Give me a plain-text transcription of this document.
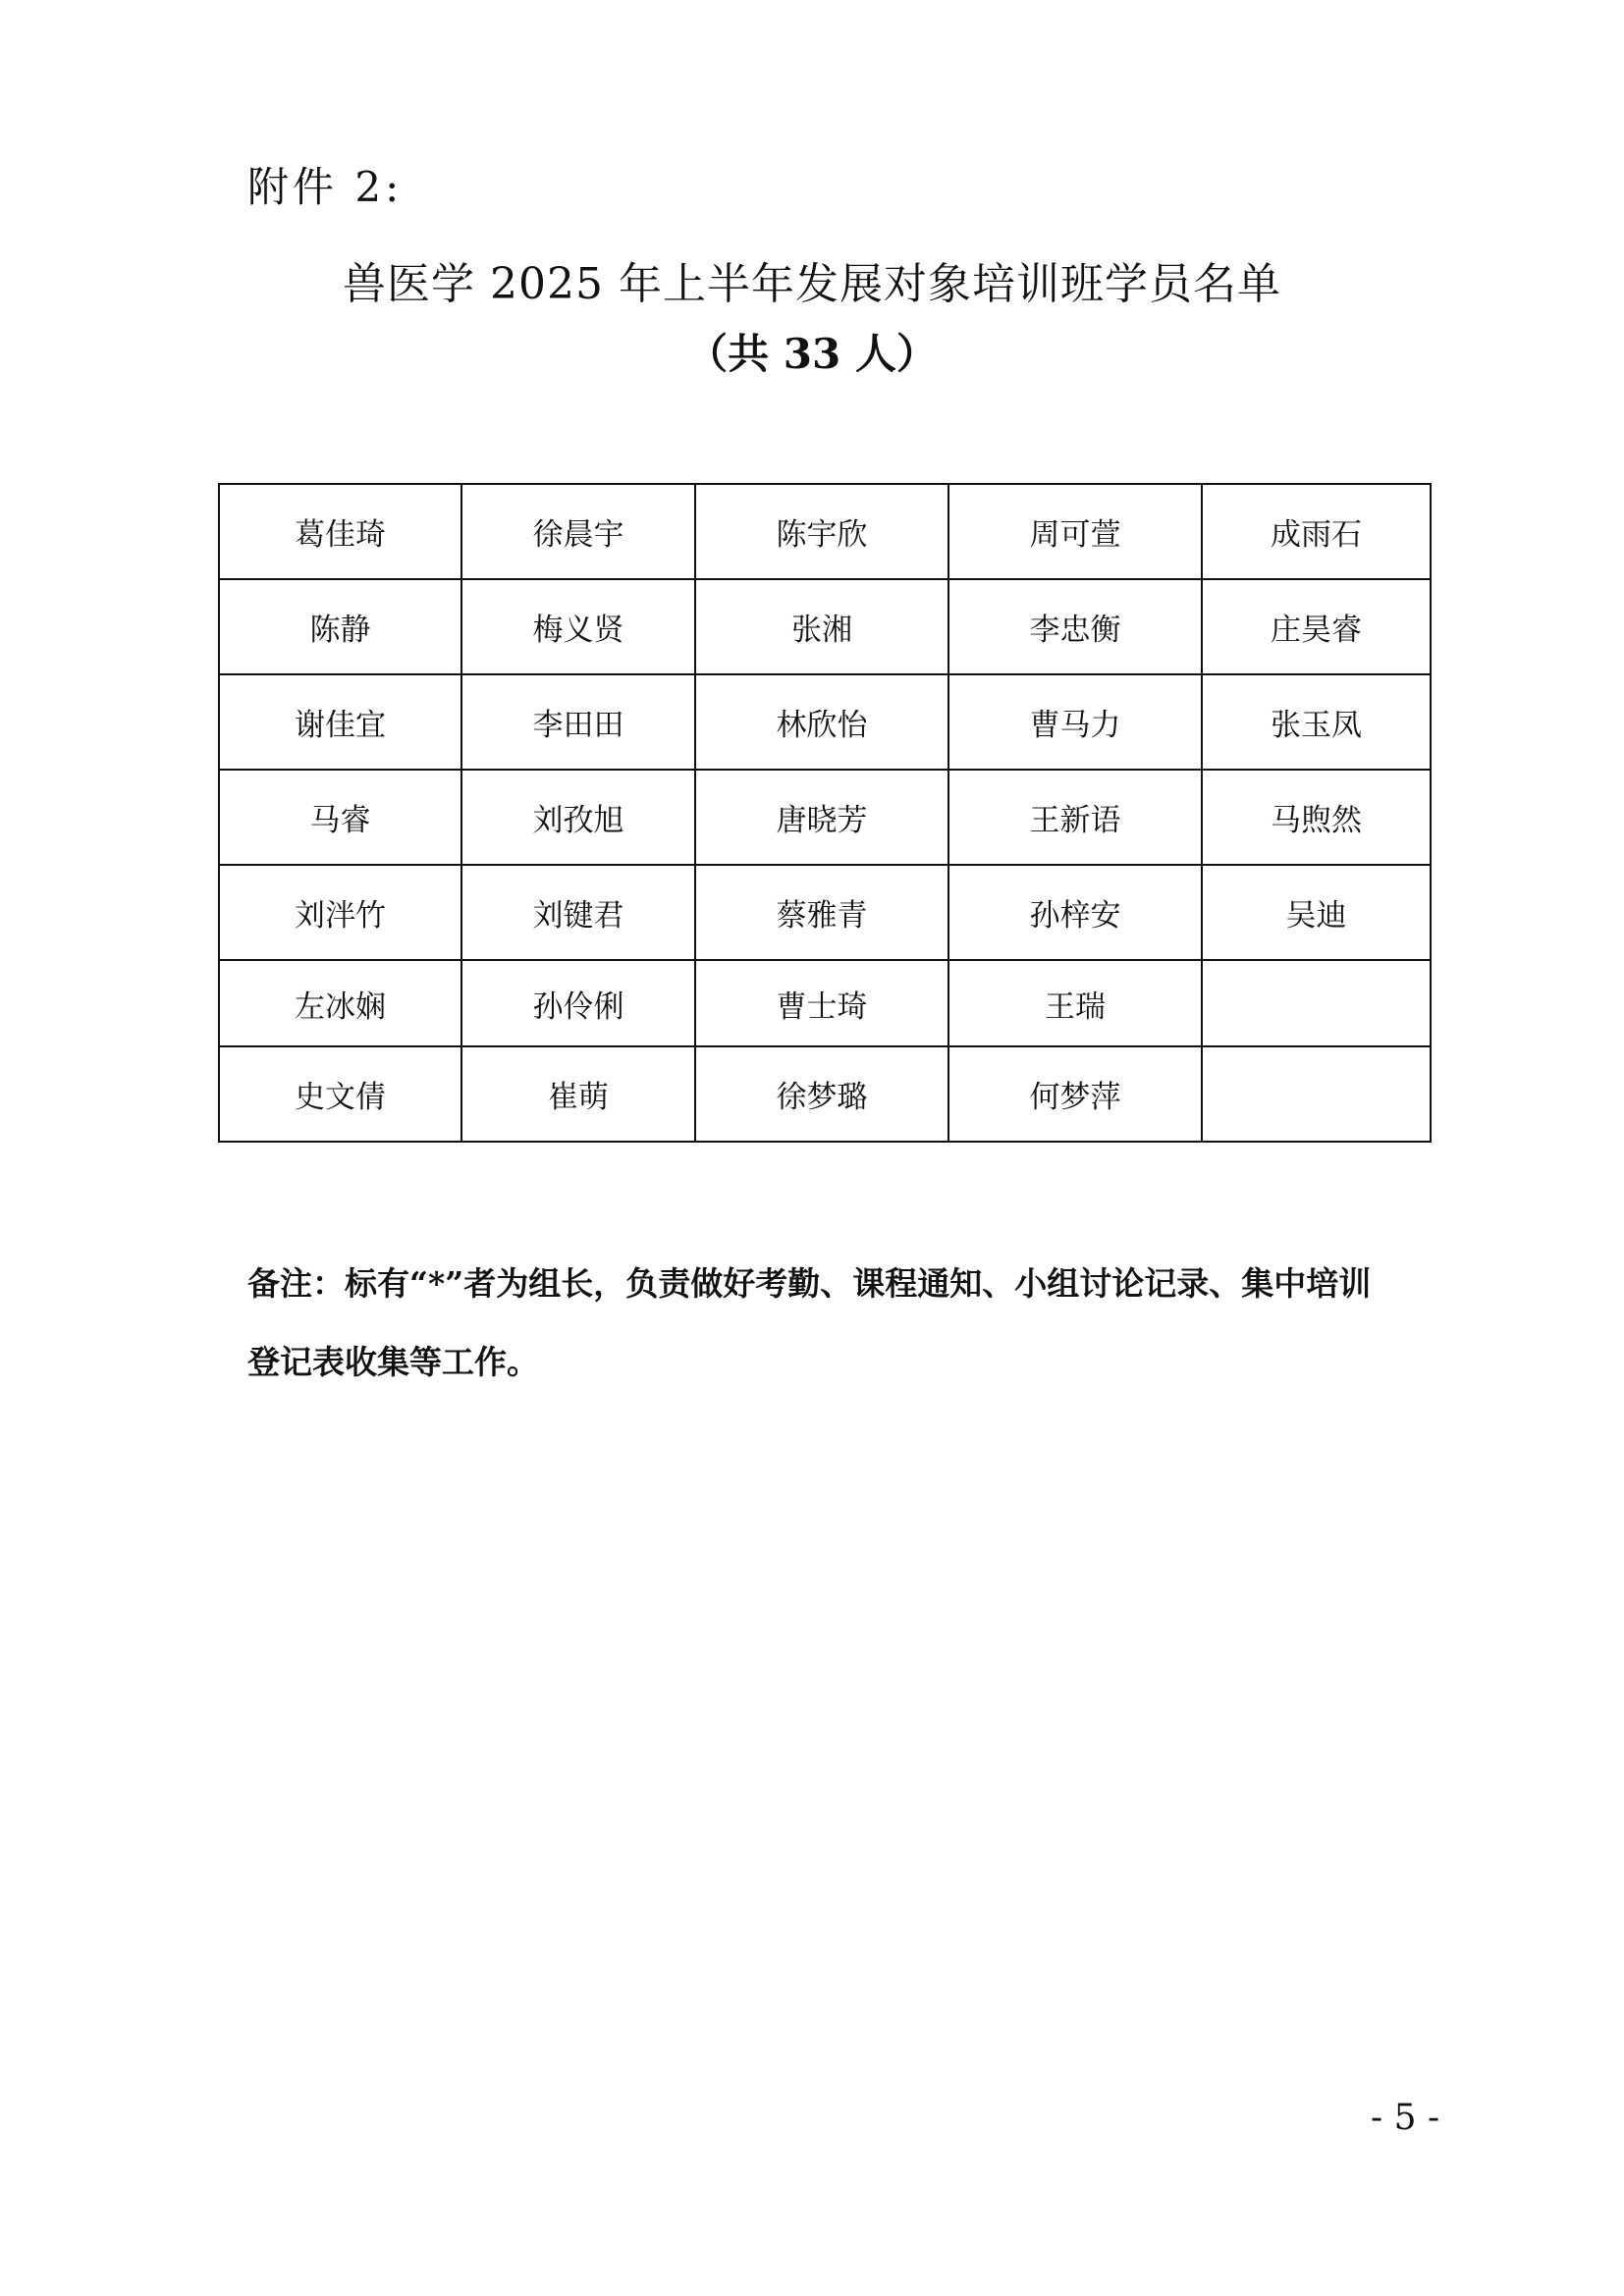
附件 2:
兽医学 2025 年上半年发展对象培训班学员名单
（共 33 人）
葛佳琦	徐晨宇	陈宇欣	周可萱	成雨石
陈静	梅义贤	张湘	李忠衡	庄昊睿
谢佳宜	李田田	林欣怡	曹马力	张玉凤
马睿	刘孜旭	唐晓芳	王新语	马煦然
刘泮竹	刘键君	蔡雅青	孙梓安	吴迪
左冰娴	孙伶俐	曹士琦	王瑞	
史文倩	崔萌	徐梦璐	何梦萍	

备注：标有“*”者为组长，负责做好考勤、课程通知、小组讨论记录、集中培训

登记表收集等工作。

- 5 -
